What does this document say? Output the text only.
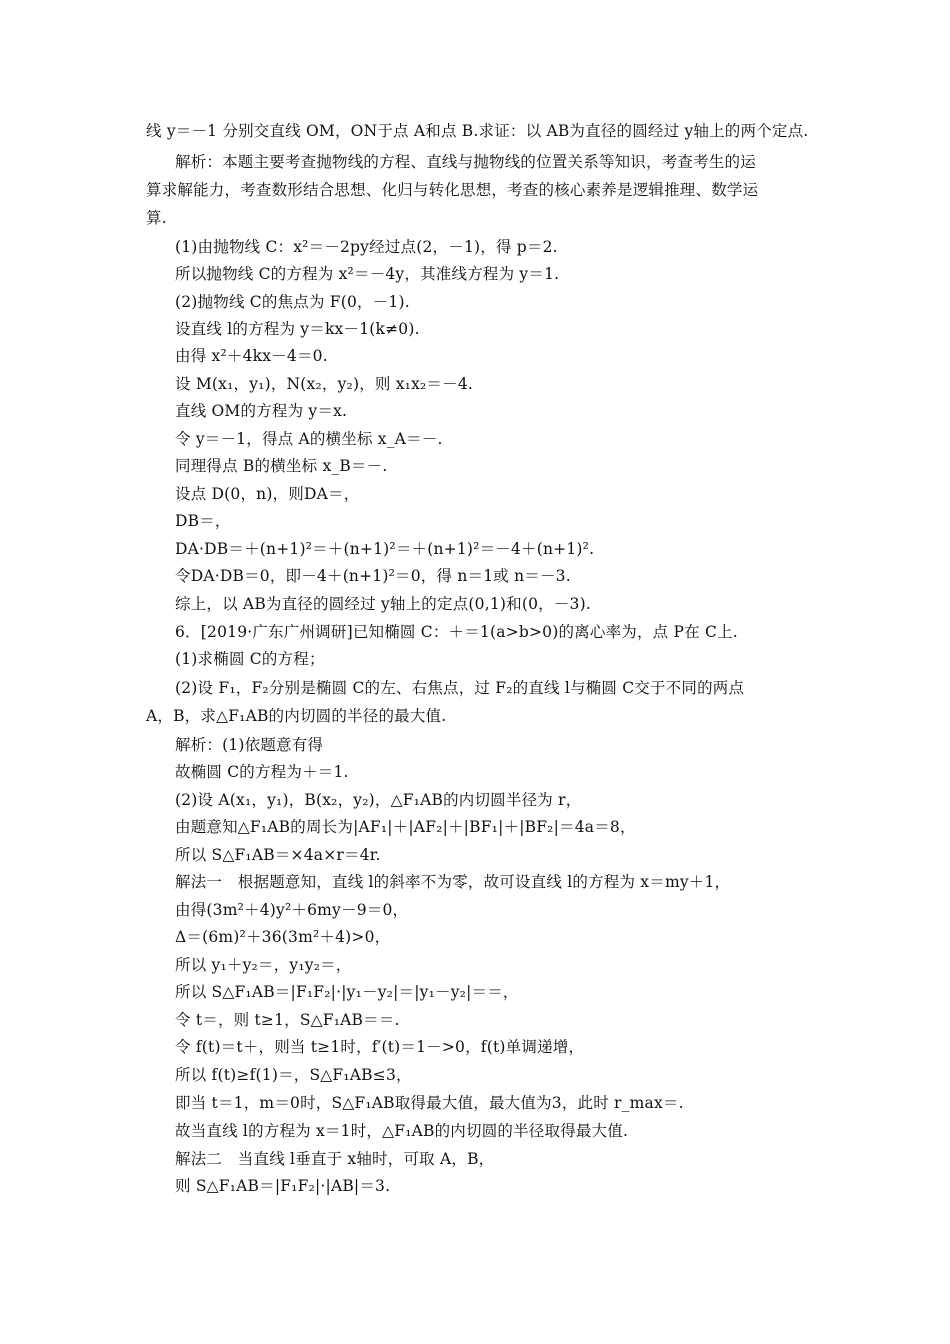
线 y＝－1 分别交直线 OM，ON于点 A和点 B.求证：以 AB为直径的圆经过 y轴上的两个定点.
解析：本题主要考查抛物线的方程、直线与抛物线的位置关系等知识，考查考生的运
算求解能力，考查数形结合思想、化归与转化思想，考查的核心素养是逻辑推理、数学运
算.
(1)由抛物线 C：x²＝－2py经过点(2，－1)，得 p＝2.
所以抛物线 C的方程为 x²＝－4y，其准线方程为 y＝1.
(2)抛物线 C的焦点为 F(0，－1).
设直线 l的方程为 y＝kx－1(k≠0).
由得 x²＋4kx－4＝0.
设 M(x₁，y₁)，N(x₂，y₂)，则 x₁x₂＝－4.
直线 OM的方程为 y＝x.
令 y＝－1，得点 A的横坐标 x_A＝－.
同理得点 B的横坐标 x_B＝－.
设点 D(0，n)，则DA＝，
DB＝，
DA·DB＝＋(n+1)²＝＋(n+1)²＝＋(n+1)²＝－4＋(n+1)².
令DA·DB＝0，即－4＋(n+1)²＝0，得 n＝1或 n＝－3.
综上，以 AB为直径的圆经过 y轴上的定点(0,1)和(0，－3).
6．[2019·广东广州调研]已知椭圆 C：＋＝1(a>b>0)的离心率为，点 P在 C上.
(1)求椭圆 C的方程；
(2)设 F₁，F₂分别是椭圆 C的左、右焦点，过 F₂的直线 l与椭圆 C交于不同的两点
A，B，求△F₁AB的内切圆的半径的最大值.
解析：(1)依题意有得
故椭圆 C的方程为＋＝1.
(2)设 A(x₁，y₁)，B(x₂，y₂)，△F₁AB的内切圆半径为 r，
由题意知△F₁AB的周长为|AF₁|＋|AF₂|＋|BF₁|＋|BF₂|＝4a＝8，
所以 S△F₁AB＝×4a×r＝4r.
解法一　根据题意知，直线 l的斜率不为零，故可设直线 l的方程为 x＝my＋1，
由得(3m²＋4)y²＋6my－9＝0，
Δ＝(6m)²＋36(3m²＋4)>0，
所以 y₁＋y₂＝，y₁y₂＝，
所以 S△F₁AB＝|F₁F₂|·|y₁－y₂|＝|y₁－y₂|＝＝，
令 t＝，则 t≥1，S△F₁AB＝＝.
令 f(t)＝t＋，则当 t≥1时，f′(t)＝1－>0，f(t)单调递增，
所以 f(t)≥f(1)＝，S△F₁AB≤3，
即当 t＝1，m＝0时，S△F₁AB取得最大值，最大值为3，此时 r_max＝.
故当直线 l的方程为 x＝1时，△F₁AB的内切圆的半径取得最大值.
解法二　当直线 l垂直于 x轴时，可取 A，B，
则 S△F₁AB＝|F₁F₂|·|AB|＝3.
